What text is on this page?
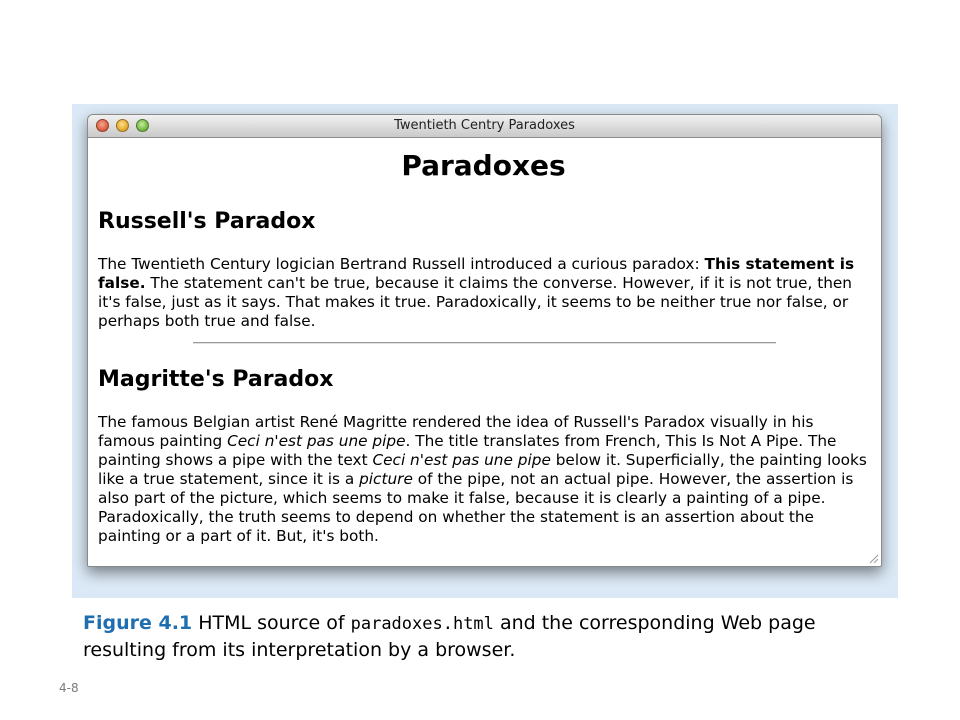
Twentieth Centry Paradoxes
Paradoxes
Russell's Paradox

The Twentieth Century logician Bertrand Russell introduced a curious paradox: This statement is false. The statement can't be true, because it claims the converse. However, if it is not true, then it's false, just as it says. That makes it true. Paradoxically, it seems to be neither true nor false, or perhaps both true and false.

Magritte's Paradox

The famous Belgian artist René Magritte rendered the idea of Russell's Paradox visually in his famous painting Ceci n'est pas une pipe. The title translates from French, This Is Not A Pipe. The painting shows a pipe with the text Ceci n'est pas une pipe below it. Superficially, the painting looks like a true statement, since it is a picture of the pipe, not an actual pipe. However, the assertion is also part of the picture, which seems to make it false, because it is clearly a painting of a pipe. Paradoxically, the truth seems to depend on whether the statement is an assertion about the painting or a part of it. But, it's both.

Figure 4.1 HTML source of paradoxes.html and the corresponding Web page resulting from its interpretation by a browser.
4-8
